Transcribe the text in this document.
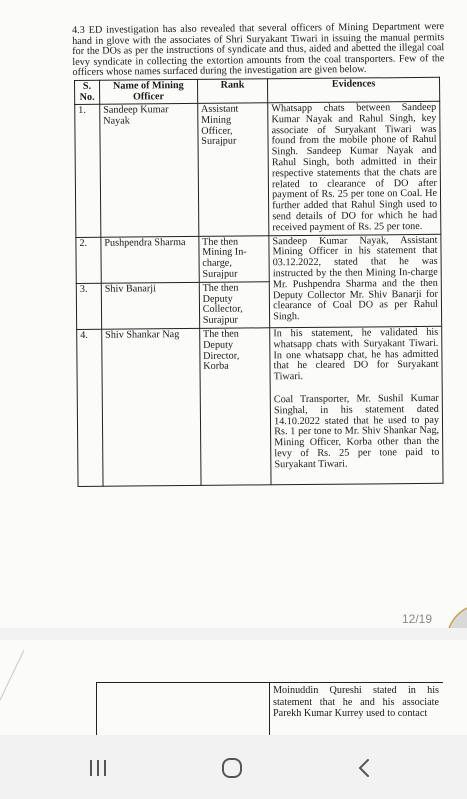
4.3 ED investigation has also revealed that several officers of Mining Department were hand in glove with the associates of Shri Suryakant Tiwari in issuing the manual permits for the DOs as per the instructions of syndicate and thus, aided and abetted the illegal coal levy syndicate in collecting the extortion amounts from the coal transporters. Few of the officers whose names surfaced during the investigation are given below.

S. No.	Name of Mining Officer	Rank	Evidences
1.	Sandeep Kumar Nayak	Assistant Mining Officer, Surajpur	Whatsapp chats between Sandeep Kumar Nayak and Rahul Singh, key associate of Suryakant Tiwari was found from the mobile phone of Rahul Singh. Sandeep Kumar Nayak and Rahul Singh, both admitted in their respective statements that the chats are related to clearance of DO after payment of Rs. 25 per tone on Coal. He further added that Rahul Singh used to send details of DO for which he had received payment of Rs. 25 per tone.
2.	Pushpendra Sharma	The then Mining In-charge, Surajpur	Sandeep Kumar Nayak, Assistant Mining Officer in his statement that 03.12.2022, stated that he was instructed by the then Mining In-charge Mr. Pushpendra Sharma and the then Deputy Collector Mr. Shiv Banarji for clearance of Coal DO as per Rahul Singh.
3.	Shiv Banarji	The then Deputy Collector, Surajpur	
4.	Shiv Shankar Nag	The then Deputy Director, Korba	In his statement, he validated his whatsapp chats with Suryakant Tiwari. In one whatsapp chat, he has admitted that he cleared DO for Suryakant Tiwari.

Coal Transporter, Mr. Sushil Kumar Singhal, in his statement dated 14.10.2022 stated that he used to pay Rs. 1 per tone to Mr. Shiv Shankar Nag, Mining Officer, Korba other than the levy of Rs. 25 per tone paid to Suryakant Tiwari.

12/19
Moinuddin Qureshi stated in his statement that he and his associate Parekh Kumar Kurrey used to contact
